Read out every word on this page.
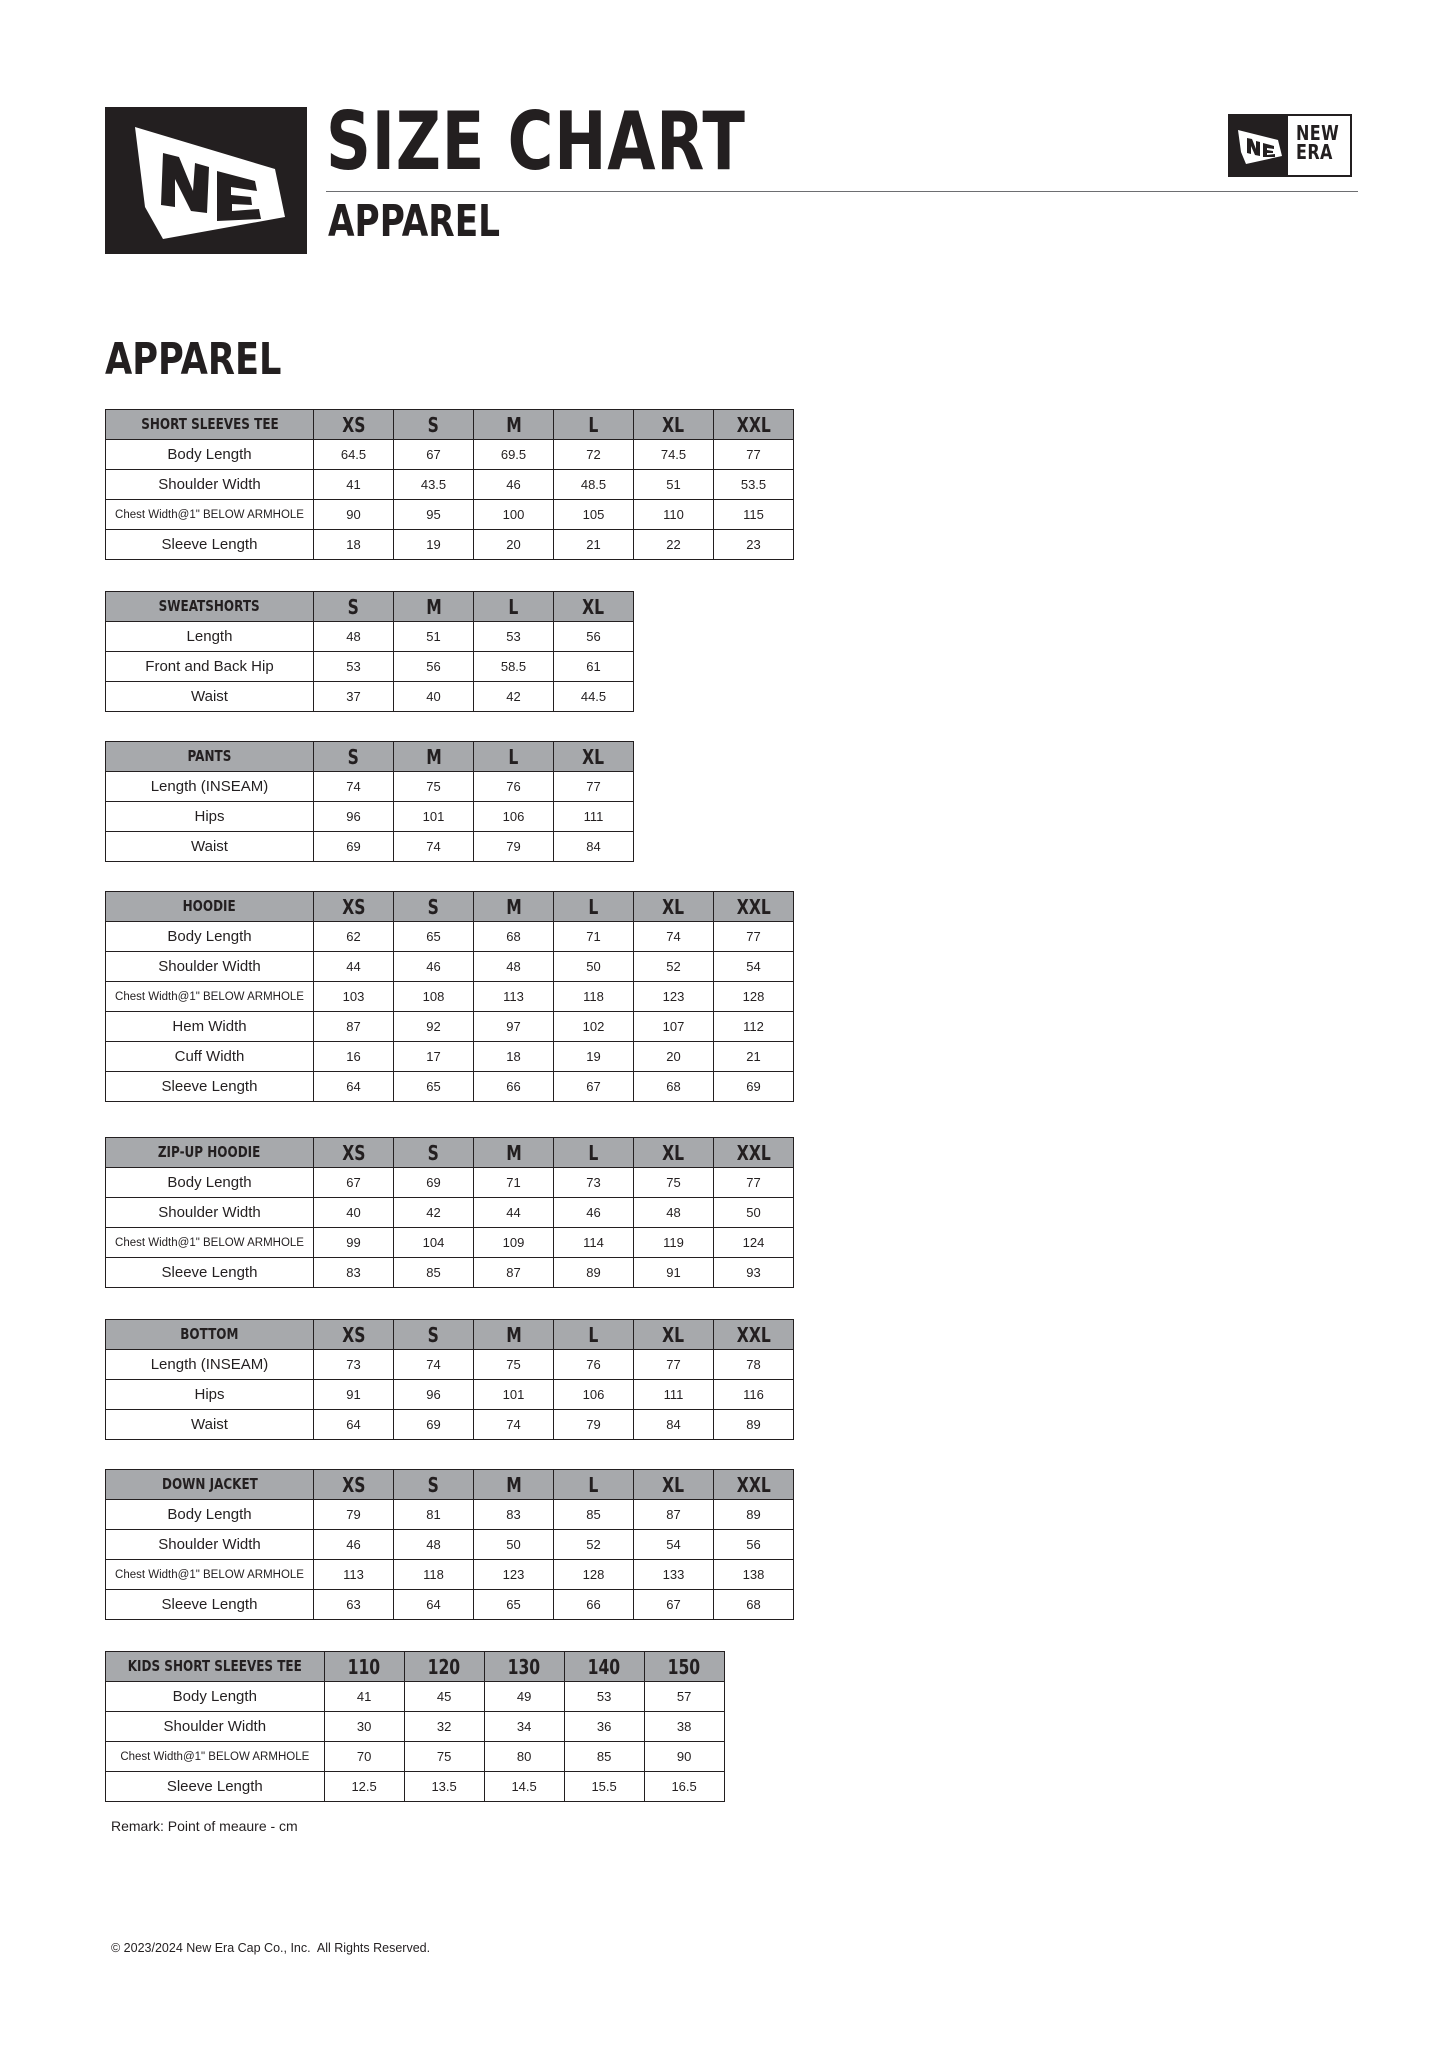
SIZE CHART
APPAREL
NEW
ERA
APPAREL
SHORT SLEEVES TEE	XS	S	M	L	XL	XXL
Body Length	64.5	67	69.5	72	74.5	77
Shoulder Width	41	43.5	46	48.5	51	53.5
Chest Width@1" BELOW ARMHOLE	90	95	100	105	110	115
Sleeve Length	18	19	20	21	22	23
SWEATSHORTS	S	M	L	XL
Length	48	51	53	56
Front and Back Hip	53	56	58.5	61
Waist	37	40	42	44.5
PANTS	S	M	L	XL
Length (INSEAM)	74	75	76	77
Hips	96	101	106	111
Waist	69	74	79	84
HOODIE	XS	S	M	L	XL	XXL
Body Length	62	65	68	71	74	77
Shoulder Width	44	46	48	50	52	54
Chest Width@1" BELOW ARMHOLE	103	108	113	118	123	128
Hem Width	87	92	97	102	107	112
Cuff Width	16	17	18	19	20	21
Sleeve Length	64	65	66	67	68	69
ZIP-UP HOODIE	XS	S	M	L	XL	XXL
Body Length	67	69	71	73	75	77
Shoulder Width	40	42	44	46	48	50
Chest Width@1" BELOW ARMHOLE	99	104	109	114	119	124
Sleeve Length	83	85	87	89	91	93
BOTTOM	XS	S	M	L	XL	XXL
Length (INSEAM)	73	74	75	76	77	78
Hips	91	96	101	106	111	116
Waist	64	69	74	79	84	89
DOWN JACKET	XS	S	M	L	XL	XXL
Body Length	79	81	83	85	87	89
Shoulder Width	46	48	50	52	54	56
Chest Width@1" BELOW ARMHOLE	113	118	123	128	133	138
Sleeve Length	63	64	65	66	67	68
KIDS SHORT SLEEVES TEE	110	120	130	140	150
Body Length	41	45	49	53	57
Shoulder Width	30	32	34	36	38
Chest Width@1" BELOW ARMHOLE	70	75	80	85	90
Sleeve Length	12.5	13.5	14.5	15.5	16.5
Remark: Point of meaure - cm
© 2023/2024 New Era Cap Co., Inc.  All Rights Reserved.
